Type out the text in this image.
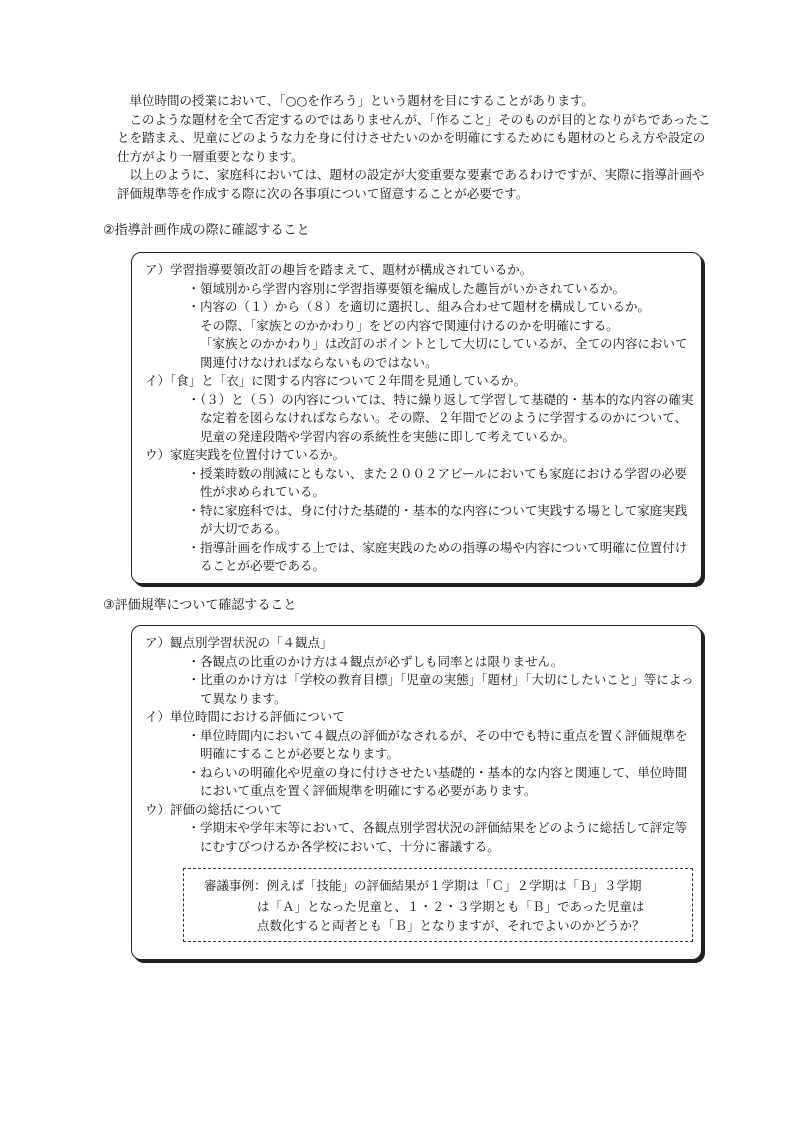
単位時間の授業において、「○○を作ろう」という題材を目にすることがあります。

このような題材を全て否定するのではありませんが、「作ること」そのものが目的となりがちであったことを踏まえ、児童にどのような力を身に付けさせたいのかを明確にするためにも題材のとらえ方や設定の仕方がより一層重要となります。

以上のように、家庭科においては、題材の設定が大変重要な要素であるわけですが、実際に指導計画や評価規準等を作成する際に次の各事項について留意することが必要です。

②指導計画作成の際に確認すること

ア）学習指導要領改訂の趣旨を踏まえて、題材が構成されているか。

・領域別から学習内容別に学習指導要領を編成した趣旨がいかされているか。

・内容の（１）から（８）を適切に選択し、組み合わせて題材を構成しているか。

その際、「家族とのかかわり」をどの内容で関連付けるのかを明確にする。

「家族とのかかわり」は改訂のポイントとして大切にしているが、全ての内容において関連付けなければならないものではない。

イ）「食」と「衣」に関する内容について２年間を見通しているか。

・（３）と（５）の内容については、特に繰り返して学習して基礎的・基本的な内容の確実な定着を図らなければならない。その際、２年間でどのように学習するのかについて、児童の発達段階や学習内容の系統性を実態に即して考えているか。

ウ）家庭実践を位置付けているか。

・授業時数の削減にともない、また２００２アピールにおいても家庭における学習の必要性が求められている。

・特に家庭科では、身に付けた基礎的・基本的な内容について実践する場として家庭実践が大切である。

・指導計画を作成する上では、家庭実践のための指導の場や内容について明確に位置付けることが必要である。

③評価規準について確認すること

ア）観点別学習状況の「４観点」

・各観点の比重のかけ方は４観点が必ずしも同率とは限りません。

・比重のかけ方は「学校の教育目標」「児童の実態」「題材」「大切にしたいこと」等によって異なります。

イ）単位時間における評価について

・単位時間内において４観点の評価がなされるが、その中でも特に重点を置く評価規準を明確にすることが必要となります。

・ねらいの明確化や児童の身に付けさせたい基礎的・基本的な内容と関連して、単位時間において重点を置く評価規準を明確にする必要があります。

ウ）評価の総括について

・学期末や学年末等において、各観点別学習状況の評価結果をどのように総括して評定等にむすびつけるか各学校において、十分に審議する。

審議事例：例えば「技能」の評価結果が１学期は「Ｃ」２学期は「Ｂ」３学期

は「Ａ」となった児童と、１・２・３学期とも「Ｂ」であった児童は

点数化すると両者とも「Ｂ」となりますが、それでよいのかどうか？
